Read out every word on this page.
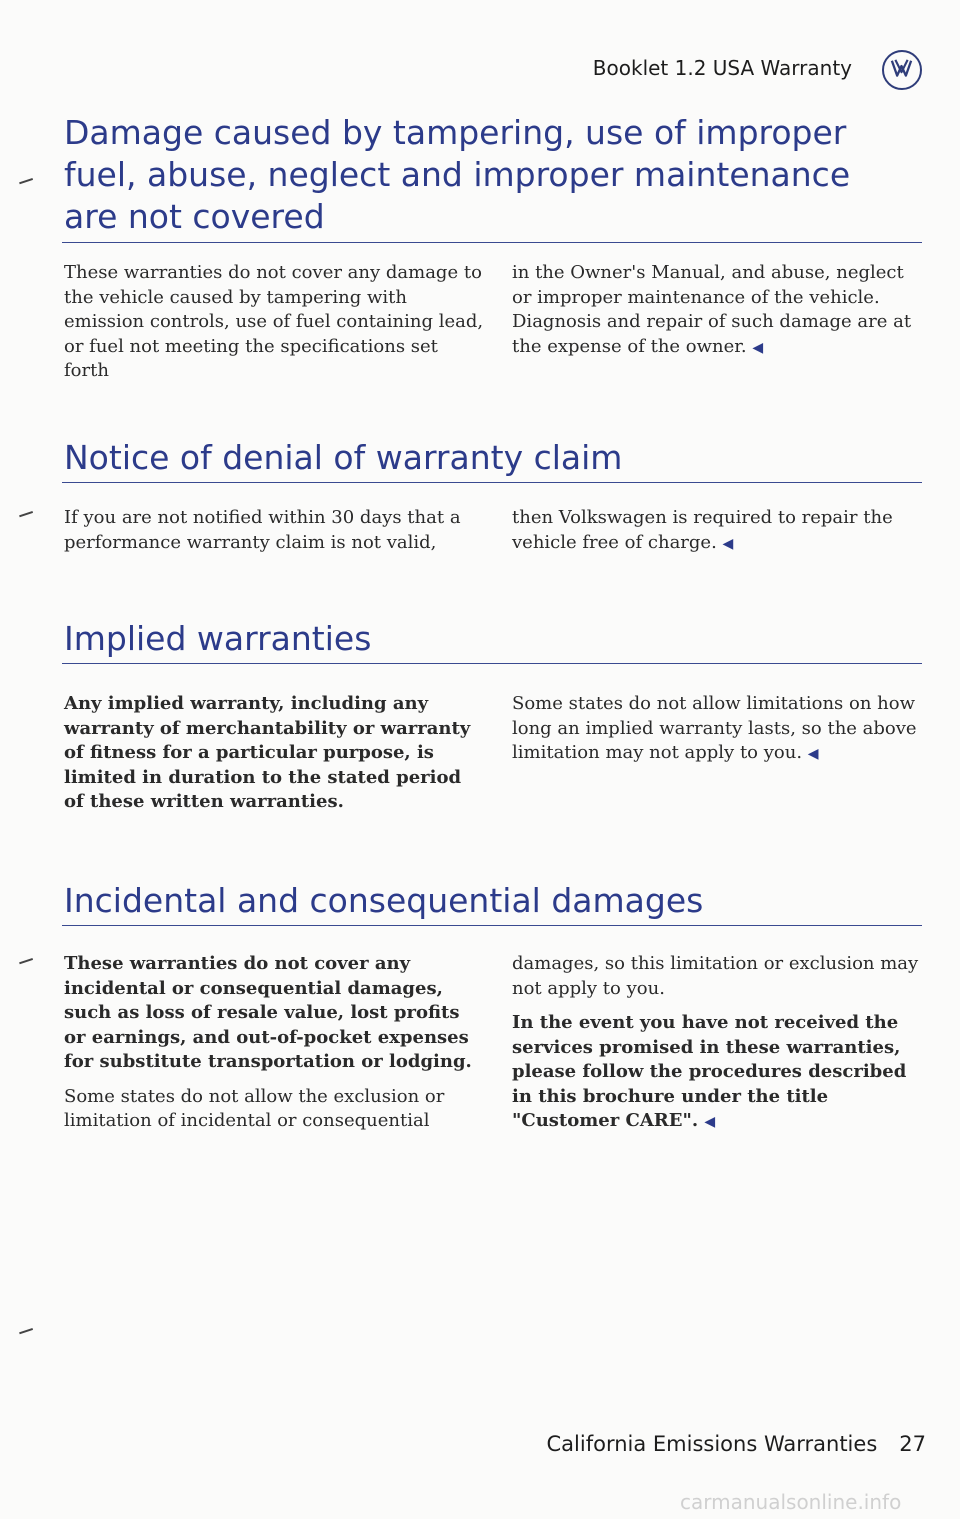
Booklet 1.2 USA Warranty
Damage caused by tampering, use of improper fuel, abuse, neglect and improper maintenance are not covered

These warranties do not cover any damage to the vehicle caused by tampering with emission controls, use of fuel containing lead, or fuel not meeting the specifications set forth

in the Owner's Manual, and abuse, neglect or improper maintenance of the vehicle. Diagnosis and repair of such damage are at the expense of the owner. ◀

Notice of denial of warranty claim

If you are not notified within 30 days that a performance warranty claim is not valid,

then Volkswagen is required to repair the vehicle free of charge. ◀

Implied warranties

Any implied warranty, including any warranty of merchantability or warranty of fitness for a particular purpose, is limited in duration to the stated period of these written warranties.

Some states do not allow limitations on how long an implied warranty lasts, so the above limitation may not apply to you. ◀

Incidental and consequential damages

These warranties do not cover any incidental or consequential damages, such as loss of resale value, lost profits or earnings, and out-of-pocket expenses for substitute transportation or lodging.

Some states do not allow the exclusion or limitation of incidental or consequential

damages, so this limitation or exclusion may not apply to you.

In the event you have not received the services promised in these warranties, please follow the procedures described in this brochure under the title "Customer CARE". ◀

California Emissions Warranties 27
carmanualsonline.info
